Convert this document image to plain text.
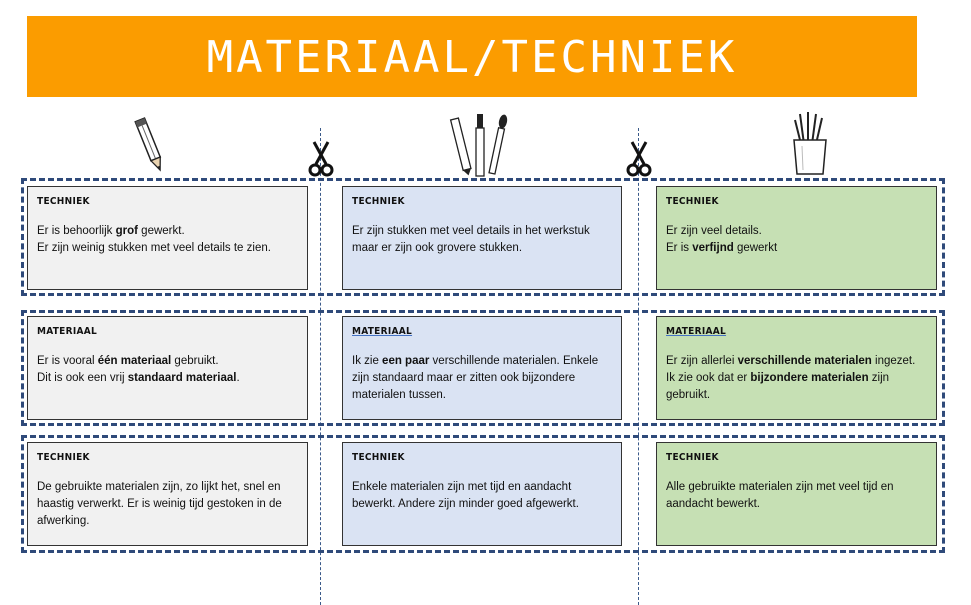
MATERIAAL/TECHNIEK
TECHNIEK
Er is behoorlijk grof gewerkt.
Er zijn weinig stukken met veel details te zien.
TECHNIEK
Er zijn stukken met veel details in het werkstuk
maar er zijn ook grovere stukken.
TECHNIEK
Er zijn veel details.
Er is verfijnd gewerkt
MATERIAAL
Er is vooral één materiaal gebruikt.
Dit is ook een vrij standaard materiaal.
MATERIAAL
Ik zie een paar verschillende materialen. Enkele
zijn standaard maar er zitten ook bijzondere
materialen tussen.
MATERIAAL
Er zijn allerlei verschillende materialen ingezet.
Ik zie ook dat er bijzondere materialen zijn
gebruikt.
TECHNIEK
De gebruikte materialen zijn, zo lijkt het, snel en
haastig verwerkt. Er is weinig tijd gestoken in de
afwerking.
TECHNIEK
Enkele materialen zijn met tijd en aandacht
bewerkt. Andere zijn minder goed afgewerkt.
TECHNIEK
Alle gebruikte materialen zijn met veel tijd en
aandacht bewerkt.
